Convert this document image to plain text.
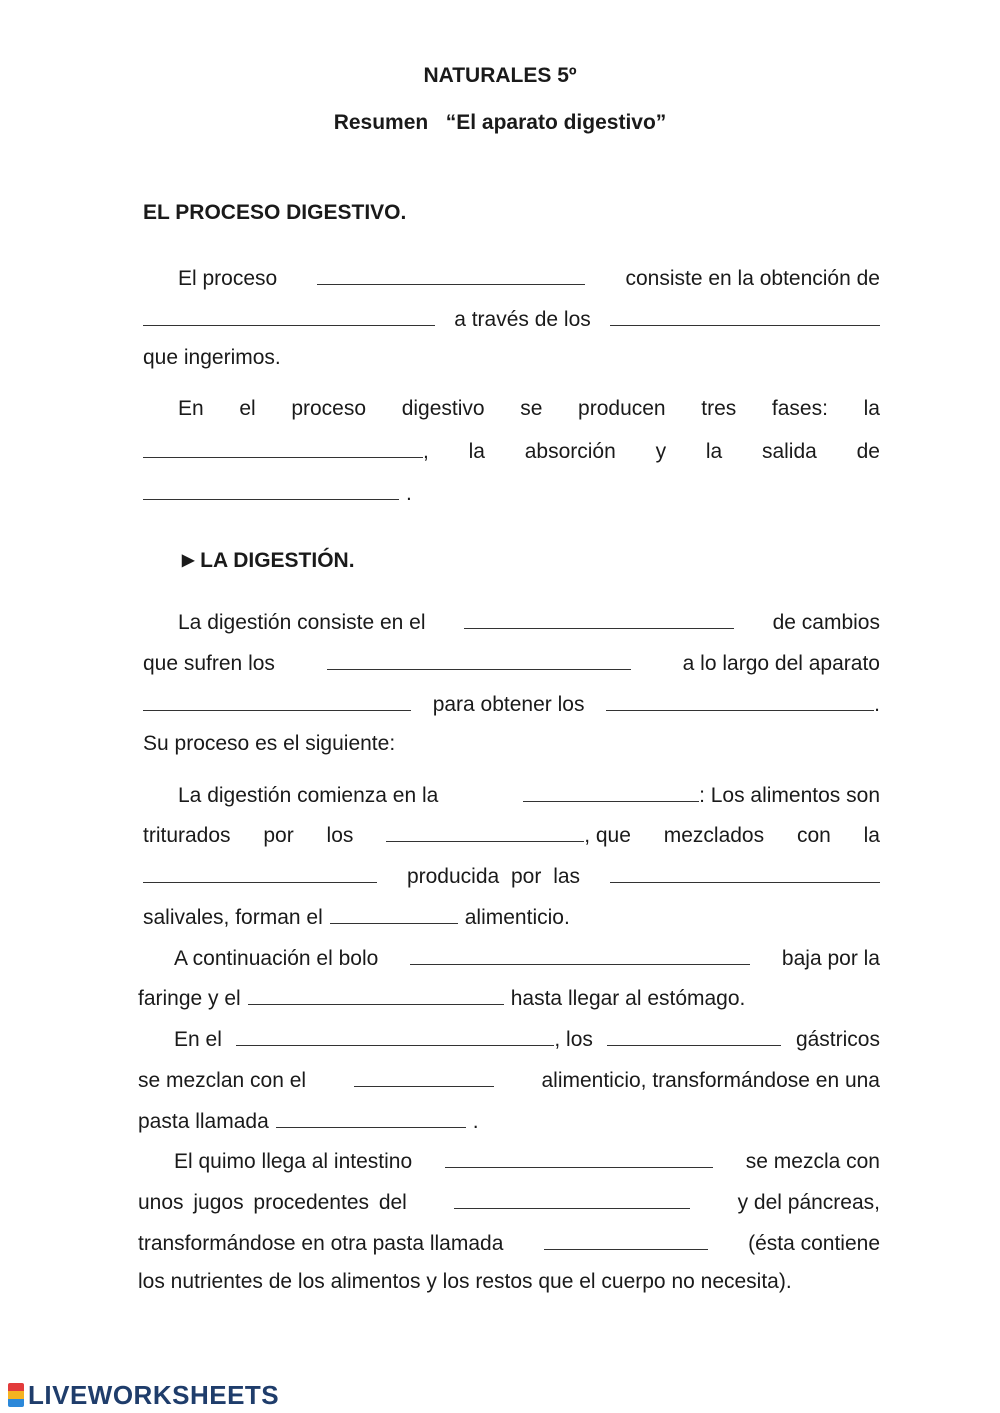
NATURALES 5º
Resumen “El aparato digestivo”
EL PROCESO DIGESTIVO.
El proceso	consiste en la obtención de
a través de los
que ingerimos.
En el proceso digestivo se producen tres fases: la
, la absorción y la salida de
.
▶ LA DIGESTIÓN.
La digestión consiste en el	de cambios
que sufren los	a lo largo del aparato
para obtener los	.
Su proceso es el siguiente:
La digestión comienza en la	: Los alimentos son
triturados por los	, que mezclados con la
producida por las
salivales, forman el	alimenticio.
A continuación el bolo	baja por la
faringe y el	hasta llegar al estómago.
En el	, los	gástricos
se mezclan con el	alimenticio, transformándose en una
pasta llamada	.
El quimo llega al intestino	se mezcla con
unos jugos procedentes del	y del páncreas,
transformándose en otra pasta llamada	(ésta contiene
los nutrientes de los alimentos y los restos que el cuerpo no necesita).
LIVEWORKSHEETS
